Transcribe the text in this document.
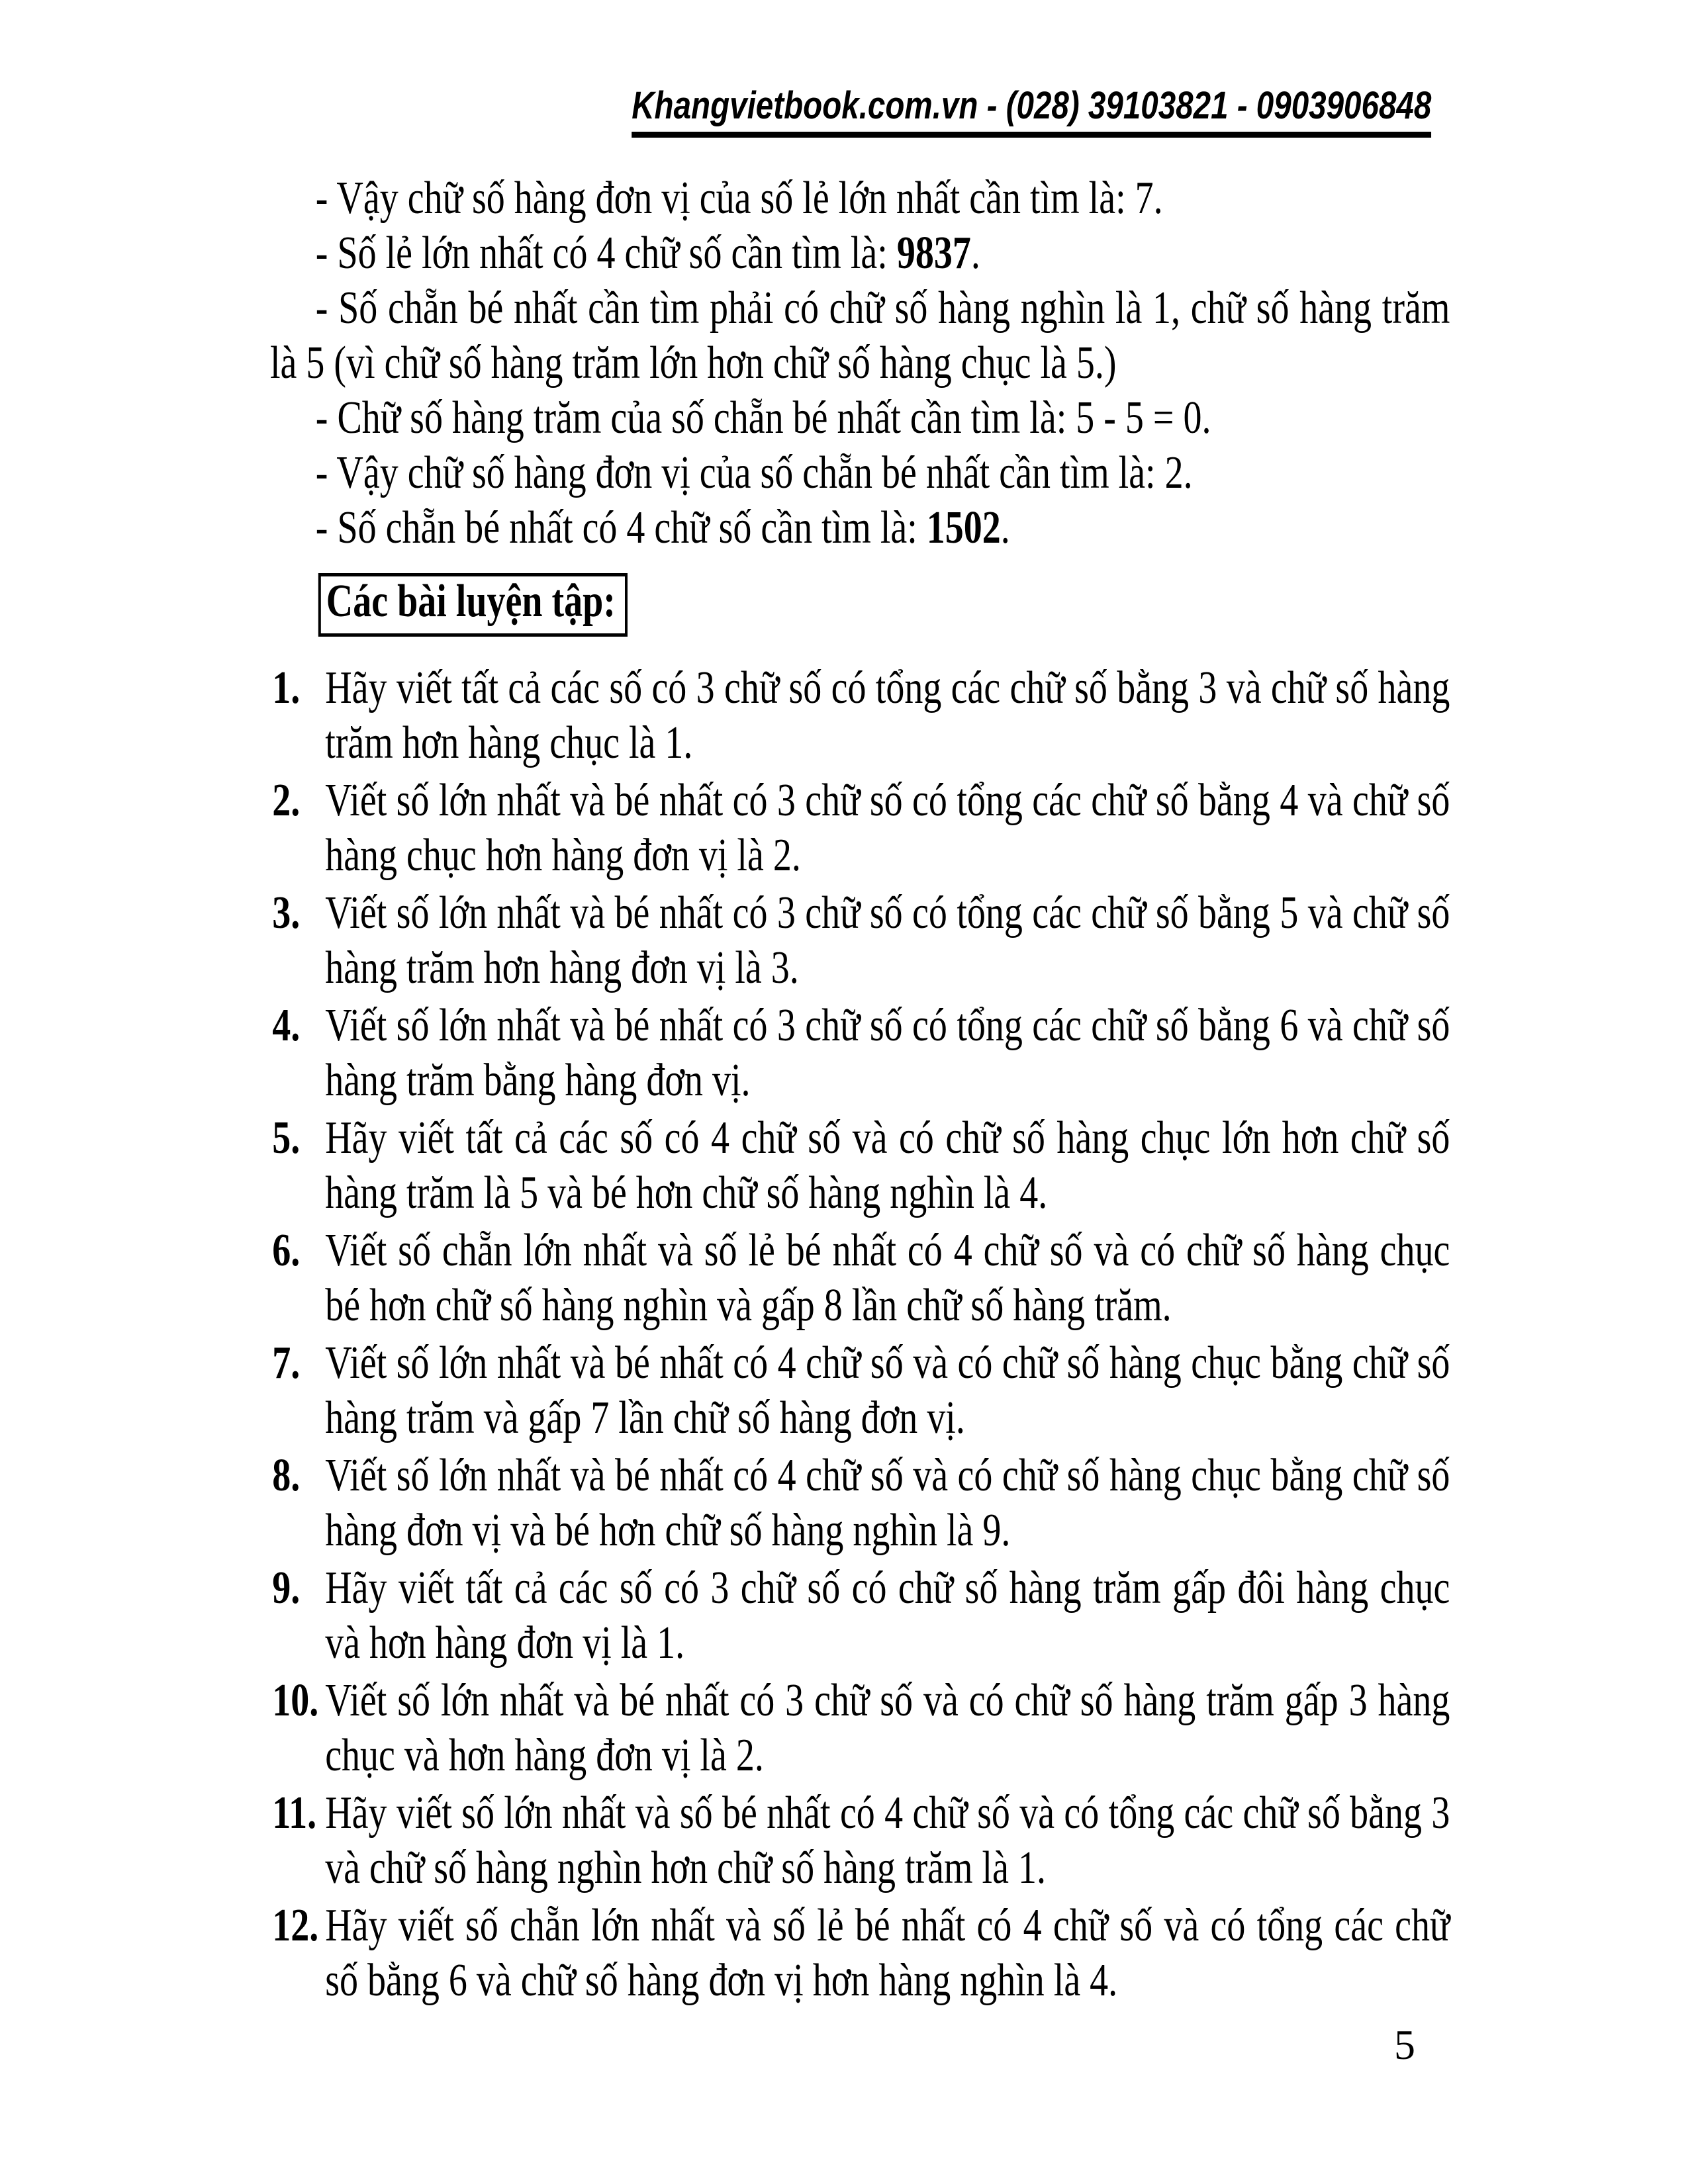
Khangvietbook.com.vn - (028) 39103821 - 0903906848

- Vậy chữ số hàng đơn vị của số lẻ lớn nhất cần tìm là: 7.

- Số lẻ lớn nhất có 4 chữ số cần tìm là: 9837.

- Số chẵn bé nhất cần tìm phải có chữ số hàng nghìn là 1, chữ số hàng trăm là 5 (vì chữ số hàng trăm lớn hơn chữ số hàng chục là 5.)

- Chữ số hàng trăm của số chẵn bé nhất cần tìm là: 5 - 5 = 0.

- Vậy chữ số hàng đơn vị của số chẵn bé nhất cần tìm là: 2.

- Số chẵn bé nhất có 4 chữ số cần tìm là: 1502.

Các bài luyện tập:
1. Hãy viết tất cả các số có 3 chữ số có tổng các chữ số bằng 3 và chữ số hàng trăm hơn hàng chục là 1.
2. Viết số lớn nhất và bé nhất có 3 chữ số có tổng các chữ số bằng 4 và chữ số hàng chục hơn hàng đơn vị là 2.
3. Viết số lớn nhất và bé nhất có 3 chữ số có tổng các chữ số bằng 5 và chữ số hàng trăm hơn hàng đơn vị là 3.
4. Viết số lớn nhất và bé nhất có 3 chữ số có tổng các chữ số bằng 6 và chữ số hàng trăm bằng hàng đơn vị.
5. Hãy viết tất cả các số có 4 chữ số và có chữ số hàng chục lớn hơn chữ số hàng trăm là 5 và bé hơn chữ số hàng nghìn là 4.
6. Viết số chẵn lớn nhất và số lẻ bé nhất có 4 chữ số và có chữ số hàng chục bé hơn chữ số hàng nghìn và gấp 8 lần chữ số hàng trăm.
7. Viết số lớn nhất và bé nhất có 4 chữ số và có chữ số hàng chục bằng chữ số hàng trăm và gấp 7 lần chữ số hàng đơn vị.
8. Viết số lớn nhất và bé nhất có 4 chữ số và có chữ số hàng chục bằng chữ số hàng đơn vị và bé hơn chữ số hàng nghìn là 9.
9. Hãy viết tất cả các số có 3 chữ số có chữ số hàng trăm gấp đôi hàng chục và hơn hàng đơn vị là 1.
10. Viết số lớn nhất và bé nhất có 3 chữ số và có chữ số hàng trăm gấp 3 hàng chục và hơn hàng đơn vị là 2.
11. Hãy viết số lớn nhất và số bé nhất có 4 chữ số và có tổng các chữ số bằng 3 và chữ số hàng nghìn hơn chữ số hàng trăm là 1.
12. Hãy viết số chẵn lớn nhất và số lẻ bé nhất có 4 chữ số và có tổng các chữ số bằng 6 và chữ số hàng đơn vị hơn hàng nghìn là 4.
5
